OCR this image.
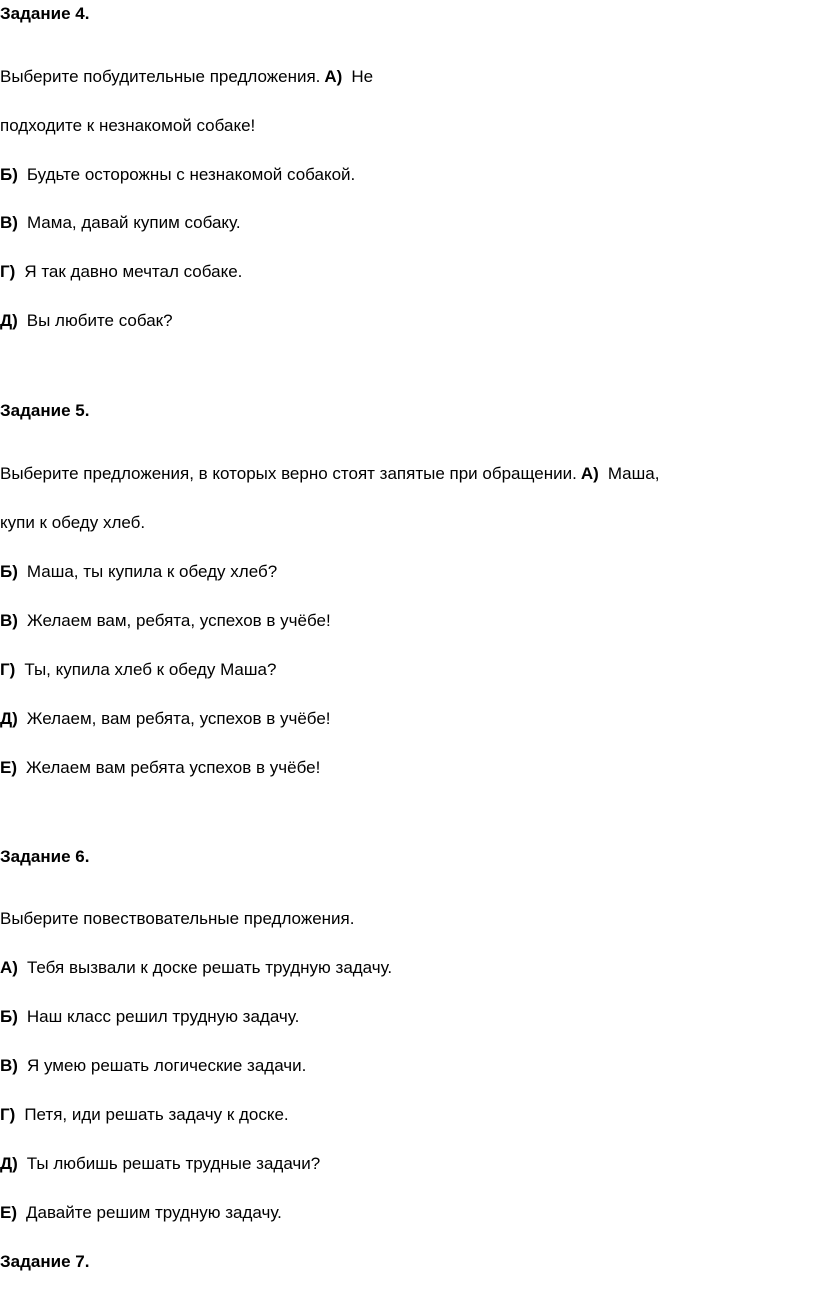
Задание 4.
Выберите побудительные предложения. А) Не
подходите к незнакомой собаке!
Б) Будьте осторожны с незнакомой собакой.
В) Мама, давай купим собаку.
Г) Я так давно мечтал собаке.
Д) Вы любите собак?
Задание 5.
Выберите предложения, в которых верно стоят запятые при обращении. А) Маша,
купи к обеду хлеб.
Б) Маша, ты купила к обеду хлеб?
В) Желаем вам, ребята, успехов в учёбе!
Г) Ты, купила хлеб к обеду Маша?
Д) Желаем, вам ребята, успехов в учёбе!
Е) Желаем вам ребята успехов в учёбе!
Задание 6.
Выберите повествовательные предложения.
А) Тебя вызвали к доске решать трудную задачу.
Б) Наш класс решил трудную задачу.
В) Я умею решать логические задачи.
Г) Петя, иди решать задачу к доске.
Д) Ты любишь решать трудные задачи?
Е) Давайте решим трудную задачу.
Задание 7.
